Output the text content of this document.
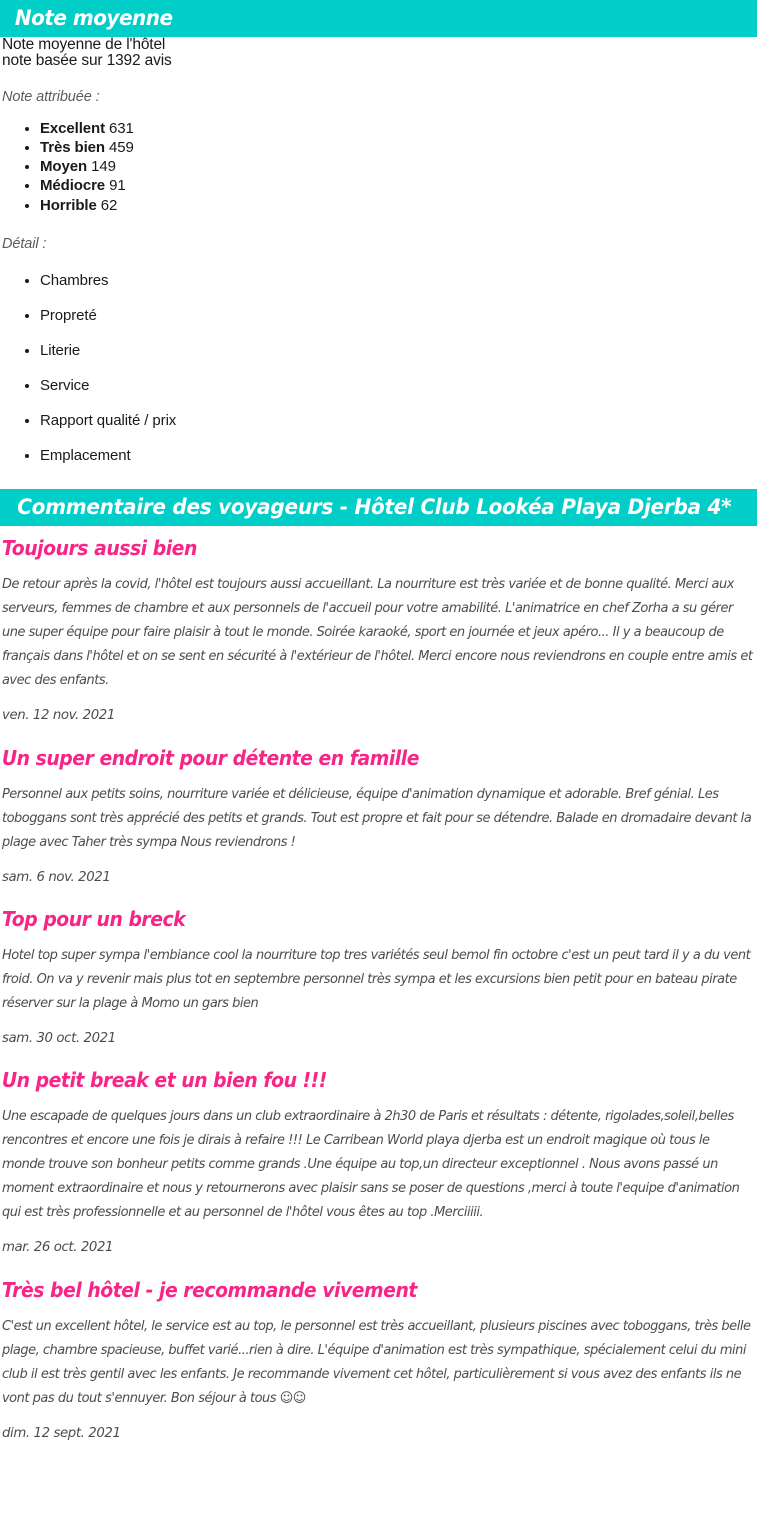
Note moyenne

Note moyenne de l'hôtel

note basée sur 1392 avis

Note attribuée :

• Excellent 631
• Très bien 459
• Moyen 149
• Médiocre 91
• Horrible 62

Détail :

• Chambres
• Propreté
• Literie
• Service
• Rapport qualité / prix
• Emplacement
Commentaire des voyageurs - Hôtel Club Lookéa Playa Djerba 4*
Toujours aussi bien

De retour après la covid, l'hôtel est toujours aussi accueillant. La nourriture est très variée et de bonne qualité. Merci aux serveurs, femmes de chambre et aux personnels de l'accueil pour votre amabilité. L'animatrice en chef Zorha a su gérer une super équipe pour faire plaisir à tout le monde. Soirée karaoké, sport en journée et jeux apéro... Il y a beaucoup de français dans l'hôtel et on se sent en sécurité à l'extérieur de l'hôtel. Merci encore nous reviendrons en couple entre amis et avec des enfants.

ven. 12 nov. 2021

Un super endroit pour détente en famille

Personnel aux petits soins, nourriture variée et délicieuse, équipe d'animation dynamique et adorable. Bref génial. Les toboggans sont très apprécié des petits et grands. Tout est propre et fait pour se détendre. Balade en dromadaire devant la plage avec Taher très sympa Nous reviendrons !

sam. 6 nov. 2021

Top pour un breck

Hotel top super sympa l'embiance cool la nourriture top tres variétés seul bemol fin octobre c'est un peut tard il y a du vent froid. On va y revenir mais plus tot en septembre personnel très sympa et les excursions bien petit pour en bateau pirate réserver sur la plage à Momo un gars bien

sam. 30 oct. 2021

Un petit break et un bien fou !!!

Une escapade de quelques jours dans un club extraordinaire à 2h30 de Paris et résultats : détente, rigolades,soleil,belles rencontres et encore une fois je dirais à refaire !!! Le Carribean World playa djerba est un endroit magique où tous le monde trouve son bonheur petits comme grands .Une équipe au top,un directeur exceptionnel . Nous avons passé un moment extraordinaire et nous y retournerons avec plaisir sans se poser de questions ,merci à toute l'equipe d'animation qui est très professionnelle et au personnel de l'hôtel vous êtes au top .Merciiiii.

mar. 26 oct. 2021

Très bel hôtel - je recommande vivement

C'est un excellent hôtel, le service est au top, le personnel est très accueillant, plusieurs piscines avec toboggans, très belle plage, chambre spacieuse, buffet varié...rien à dire. L'équipe d'animation est très sympathique, spécialement celui du mini club il est très gentil avec les enfants. Je recommande vivement cet hôtel, particulièrement si vous avez des enfants ils ne vont pas du tout s'ennuyer. Bon séjour à tous ☺☺

dim. 12 sept. 2021
